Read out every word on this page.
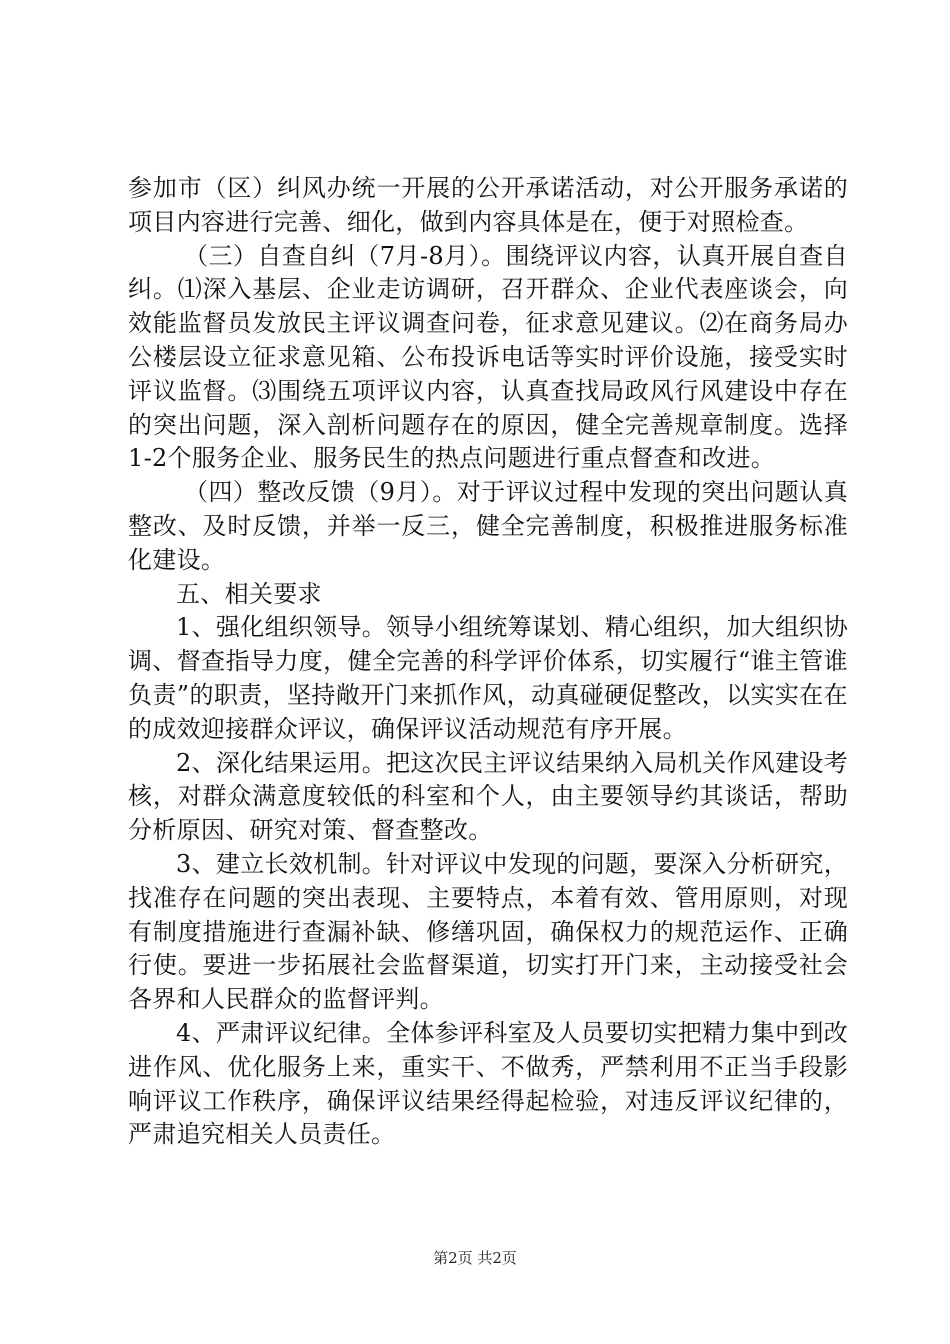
参加市（区）纠风办统一开展的公开承诺活动，对公开服务承诺的项目内容进行完善、细化，做到内容具体是在，便于对照检查。

（三）自查自纠（7月-8月）。围绕评议内容，认真开展自查自纠。⑴深入基层、企业走访调研，召开群众、企业代表座谈会，向效能监督员发放民主评议调查问卷，征求意见建议。⑵在商务局办公楼层设立征求意见箱、公布投诉电话等实时评价设施，接受实时评议监督。⑶围绕五项评议内容，认真查找局政风行风建设中存在的突出问题，深入剖析问题存在的原因，健全完善规章制度。选择1-2个服务企业、服务民生的热点问题进行重点督查和改进。

（四）整改反馈（9月）。对于评议过程中发现的突出问题认真整改、及时反馈，并举一反三，健全完善制度，积极推进服务标准化建设。

五、相关要求

1、强化组织领导。领导小组统筹谋划、精心组织，加大组织协调、督查指导力度，健全完善的科学评价体系，切实履行“谁主管谁负责”的职责，坚持敞开门来抓作风，动真碰硬促整改，以实实在在的成效迎接群众评议，确保评议活动规范有序开展。

2、深化结果运用。把这次民主评议结果纳入局机关作风建设考核，对群众满意度较低的科室和个人，由主要领导约其谈话，帮助分析原因、研究对策、督查整改。

3、建立长效机制。针对评议中发现的问题，要深入分析研究，找准存在问题的突出表现、主要特点，本着有效、管用原则，对现有制度措施进行查漏补缺、修缮巩固，确保权力的规范运作、正确行使。要进一步拓展社会监督渠道，切实打开门来，主动接受社会各界和人民群众的监督评判。

4、严肃评议纪律。全体参评科室及人员要切实把精力集中到改进作风、优化服务上来，重实干、不做秀，严禁利用不正当手段影响评议工作秩序，确保评议结果经得起检验，对违反评议纪律的，严肃追究相关人员责任。

第2页 共2页
